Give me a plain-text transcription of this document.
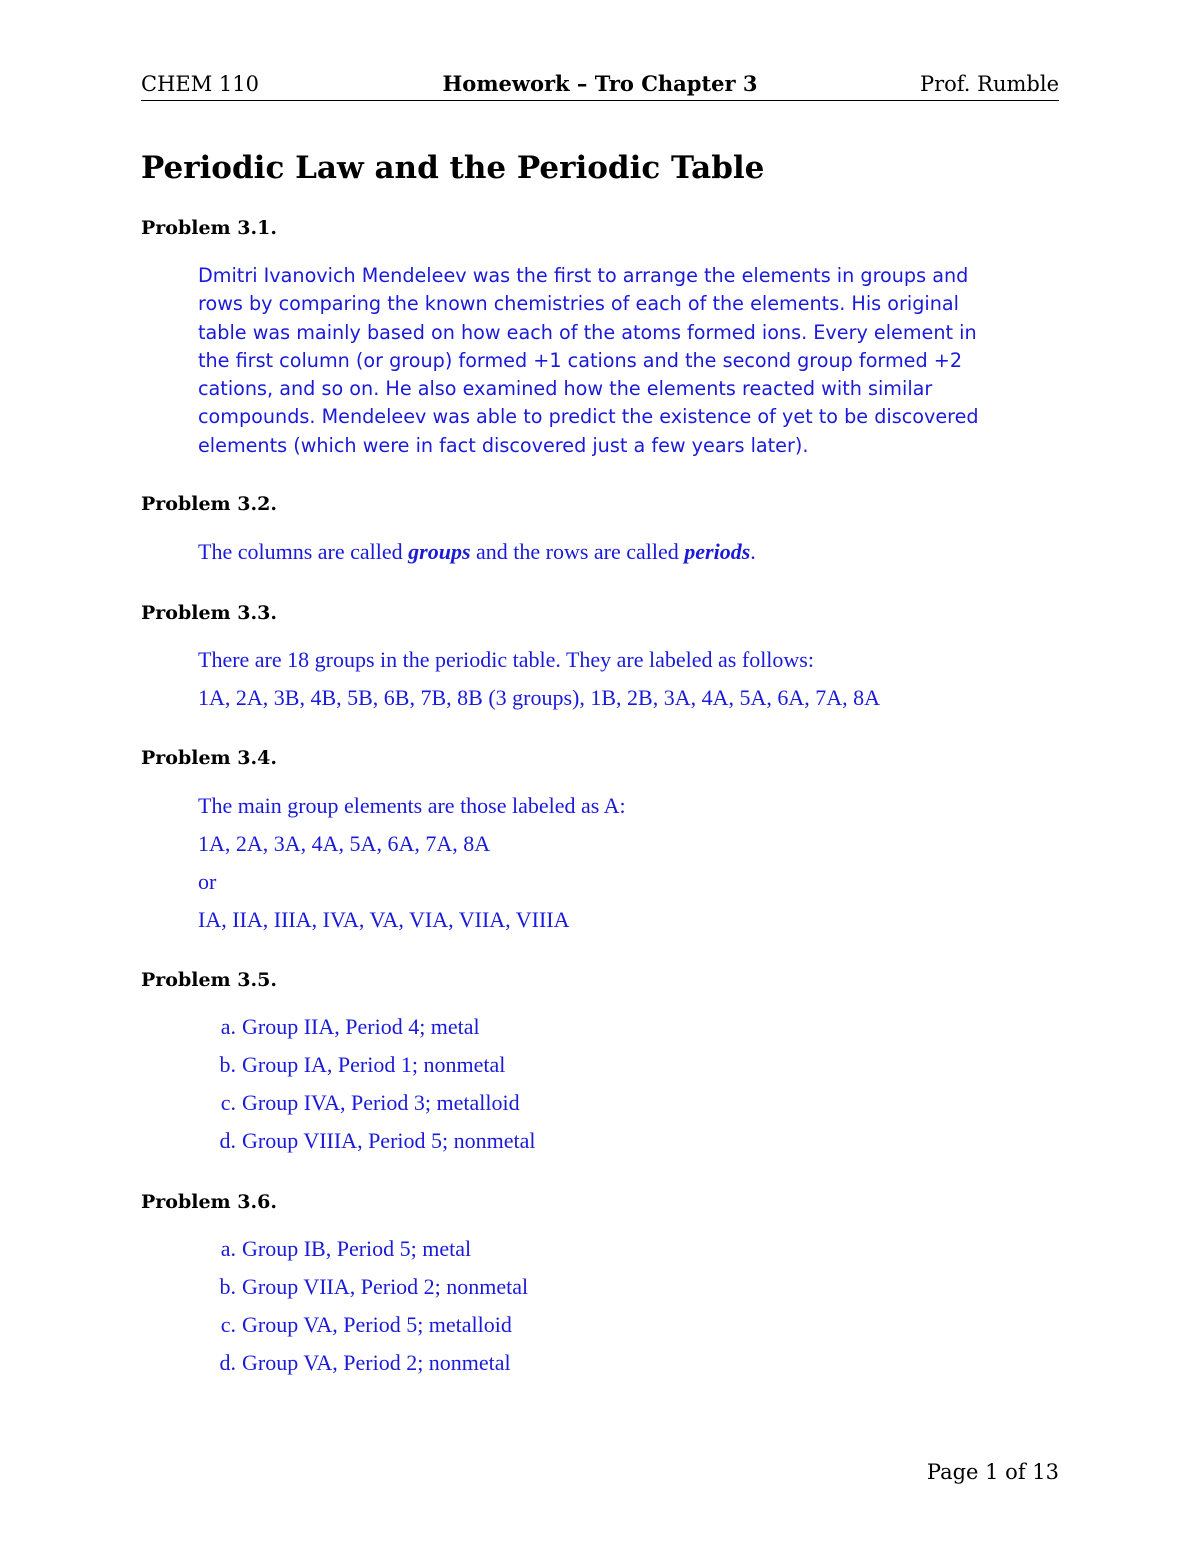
CHEM 110	Homework – Tro Chapter 3	Prof. Rumble
Periodic Law and the Periodic Table
Problem 3.1.
Dmitri Ivanovich Mendeleev was the first to arrange the elements in groups and rows by comparing the known chemistries of each of the elements. His original table was mainly based on how each of the atoms formed ions. Every element in the first column (or group) formed +1 cations and the second group formed +2 cations, and so on. He also examined how the elements reacted with similar compounds. Mendeleev was able to predict the existence of yet to be discovered elements (which were in fact discovered just a few years later).
Problem 3.2.
The columns are called groups and the rows are called periods.
Problem 3.3.
There are 18 groups in the periodic table. They are labeled as follows:
1A, 2A, 3B, 4B, 5B, 6B, 7B, 8B (3 groups), 1B, 2B, 3A, 4A, 5A, 6A, 7A, 8A
Problem 3.4.
The main group elements are those labeled as A:
1A, 2A, 3A, 4A, 5A, 6A, 7A, 8A
or
IA, IIA, IIIA, IVA, VA, VIA, VIIA, VIIIA
Problem 3.5.
a. Group IIA, Period 4; metal
b. Group IA, Period 1; nonmetal
c. Group IVA, Period 3; metalloid
d. Group VIIIA, Period 5; nonmetal
Problem 3.6.
a. Group IB, Period 5; metal
b. Group VIIA, Period 2; nonmetal
c. Group VA, Period 5; metalloid
d. Group VA, Period 2; nonmetal
Page 1 of 13
